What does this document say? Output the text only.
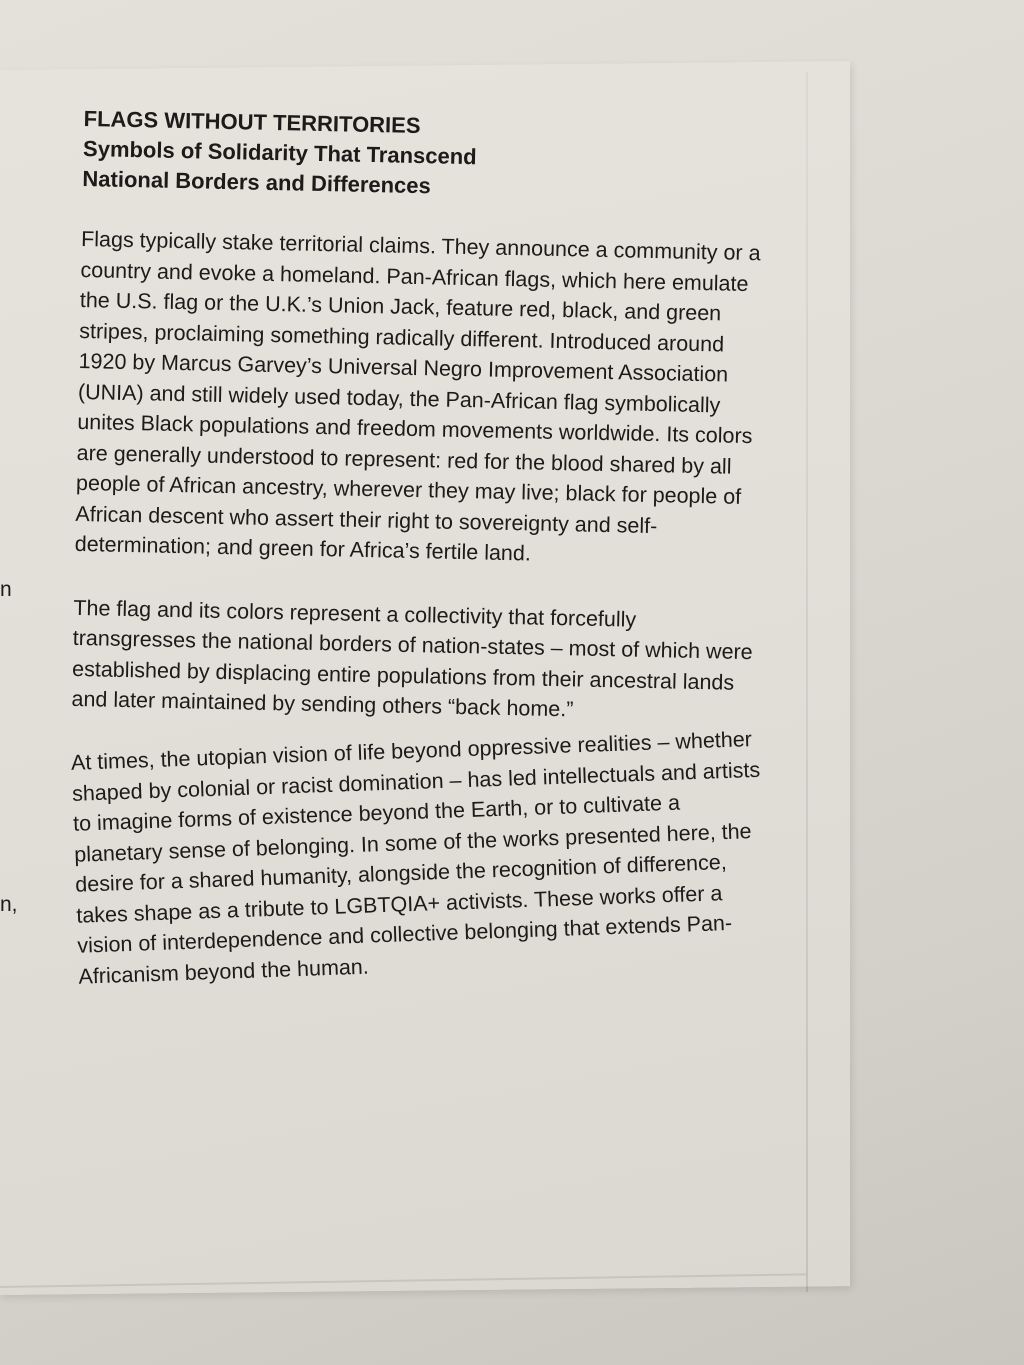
n
n,
FLAGS WITHOUT TERRITORIES
Symbols of Solidarity That Transcend National Borders and Differences

Flags typically stake territorial claims. They announce a community or a country and evoke a homeland. Pan-African flags, which here emulate the U.S. flag or the U.K.’s Union Jack, feature red, black, and green stripes, proclaiming something radically different. Introduced around 1920 by Marcus Garvey’s Universal Negro Improvement Association (UNIA) and still widely used today, the Pan-African flag symbolically unites Black populations and freedom movements worldwide. Its colors are generally understood to represent: red for the blood shared by all people of African ancestry, wherever they may live; black for people of African descent who assert their right to sovereignty and self-determination; and green for Africa’s fertile land.

The flag and its colors represent a collectivity that forcefully transgresses the national borders of nation-states – most of which were established by displacing entire populations from their ancestral lands and later maintained by sending others “back home.”

At times, the utopian vision of life beyond oppressive realities – whether shaped by colonial or racist domination – has led intellectuals and artists to imagine forms of existence beyond the Earth, or to cultivate a planetary sense of belonging. In some of the works presented here, the desire for a shared humanity, alongside the recognition of difference, takes shape as a tribute to LGBTQIA+ activists. These works offer a vision of interdependence and collective belonging that extends Pan-Africanism beyond the human.
